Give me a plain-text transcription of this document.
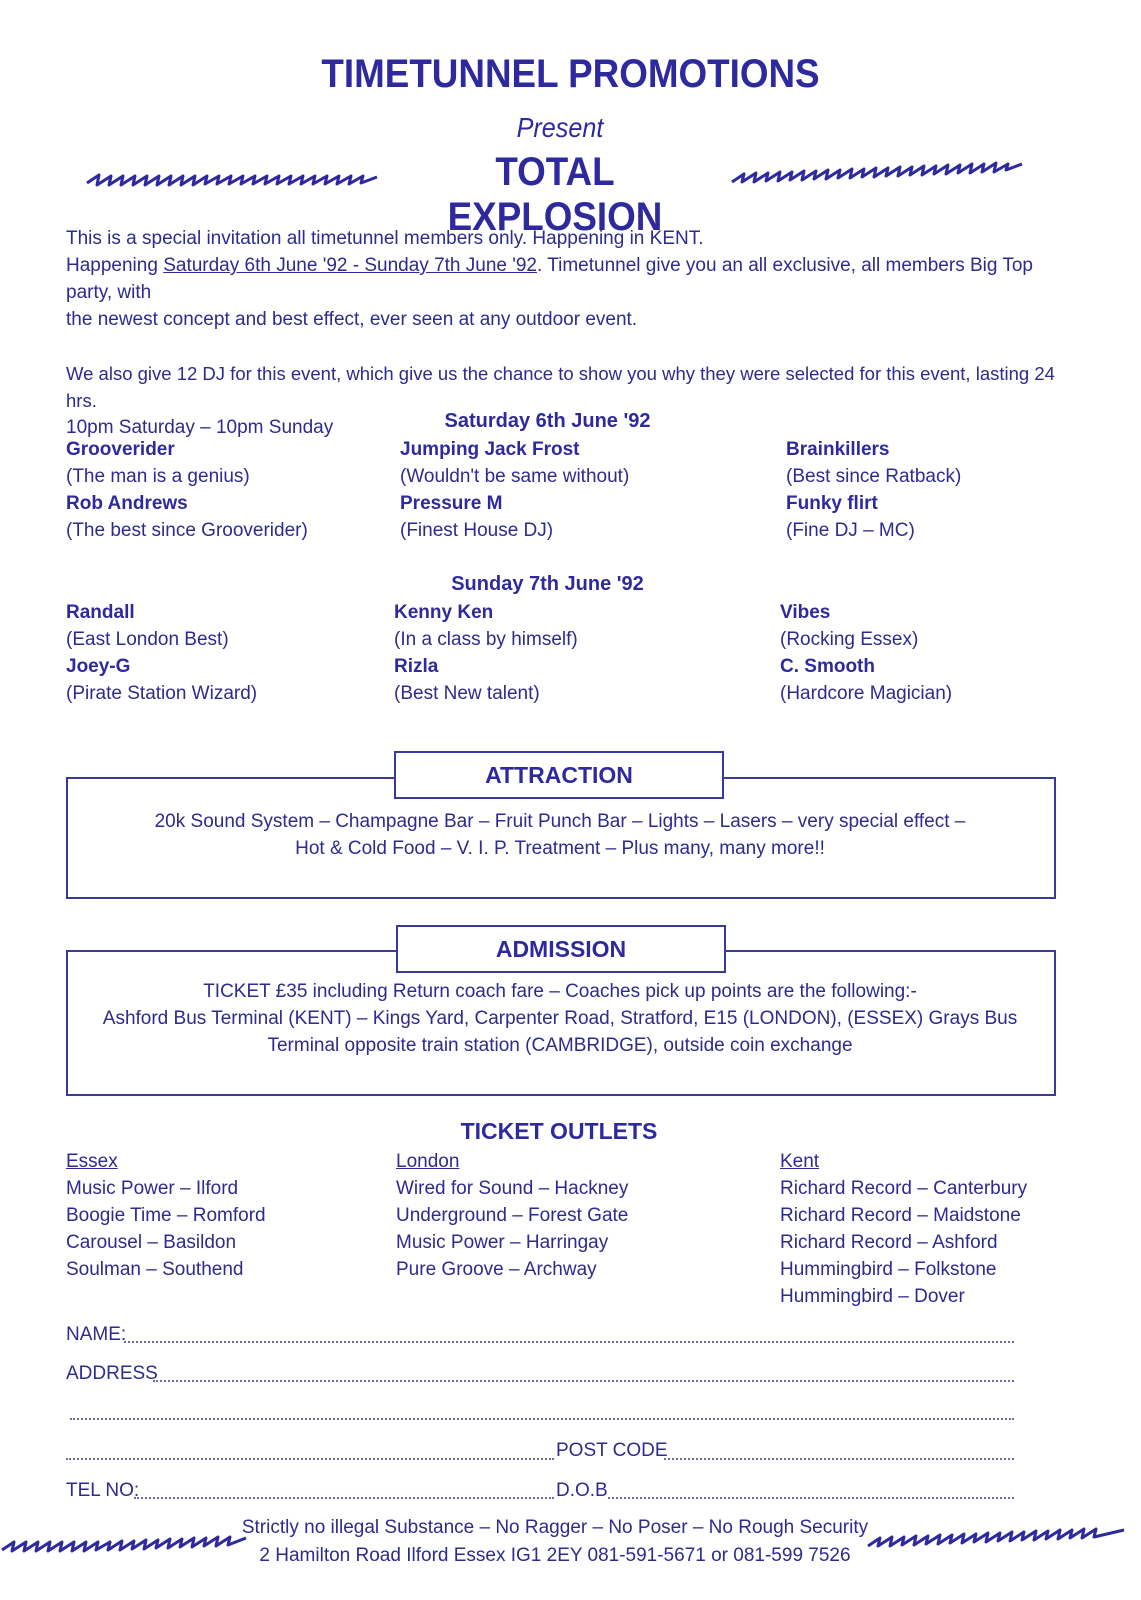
TIMETUNNEL PROMOTIONS
Present
TOTAL EXPLOSION
This is a special invitation all timetunnel members only. Happening in KENT.
Happening Saturday 6th June '92 - Sunday 7th June '92. Timetunnel give you an all exclusive, all members Big Top party, with
the newest concept and best effect, ever seen at any outdoor event.
We also give 12 DJ for this event, which give us the chance to show you why they were selected for this event, lasting 24 hrs.
10pm Saturday – 10pm Sunday	Saturday 6th June '92
Grooverider
(The man is a genius)
Rob Andrews
(The best since Grooverider)
Jumping Jack Frost
(Wouldn't be same without)
Pressure M
(Finest House DJ)
Brainkillers
(Best since Ratback)
Funky flirt
(Fine DJ – MC)
Sunday 7th June '92
Randall
(East London Best)
Joey-G
(Pirate Station Wizard)
Kenny Ken
(In a class by himself)
Rizla
(Best New talent)
Vibes
(Rocking Essex)
C. Smooth
(Hardcore Magician)
ATTRACTION
20k Sound System – Champagne Bar – Fruit Punch Bar – Lights – Lasers – very special effect –
Hot & Cold Food – V. I. P. Treatment – Plus many, many more!!
ADMISSION
TICKET £35 including Return coach fare – Coaches pick up points are the following:-
Ashford Bus Terminal (KENT) – Kings Yard, Carpenter Road, Stratford, E15 (LONDON), (ESSEX) Grays Bus
Terminal opposite train station (CAMBRIDGE), outside coin exchange
TICKET OUTLETS
Essex
Music Power – Ilford
Boogie Time – Romford
Carousel – Basildon
Soulman – Southend
London
Wired for Sound – Hackney
Underground – Forest Gate
Music Power – Harringay
Pure Groove – Archway
Kent
Richard Record – Canterbury
Richard Record – Maidstone
Richard Record – Ashford
Hummingbird – Folkstone
Hummingbird – Dover
NAME:
ADDRESS
POST CODE
TEL NO:	D.O.B
Strictly no illegal Substance – No Ragger – No Poser – No Rough Security
2 Hamilton Road Ilford Essex IG1 2EY 081-591-5671 or 081-599 7526
